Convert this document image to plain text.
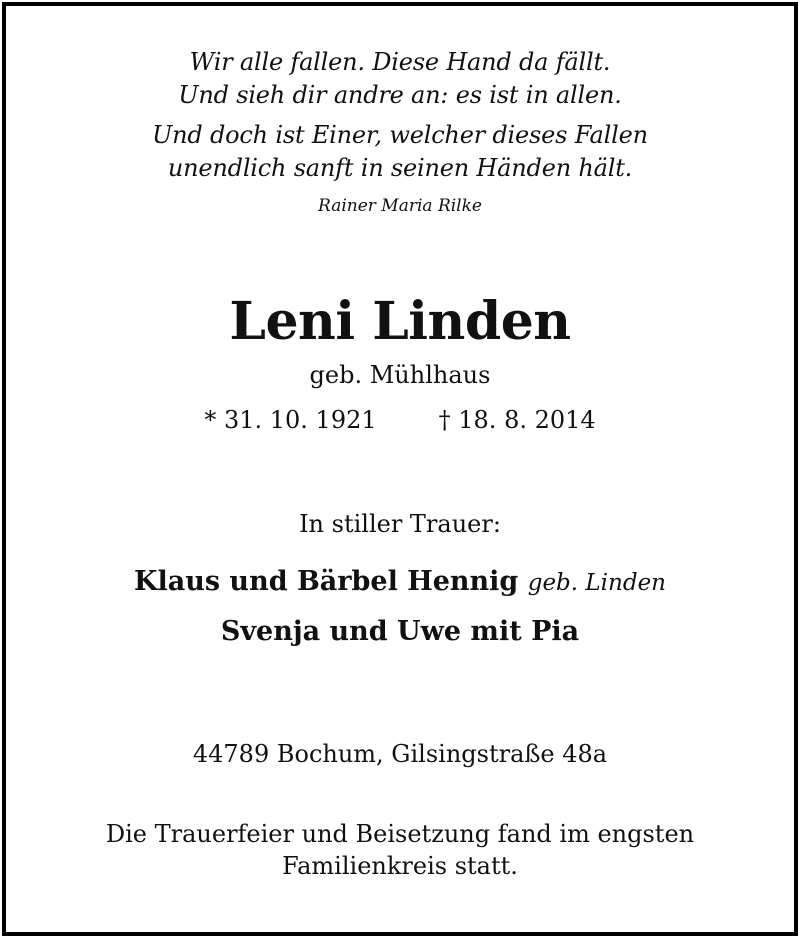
Wir alle fallen. Diese Hand da fällt.

Und sieh dir andre an: es ist in allen.

Und doch ist Einer, welcher dieses Fallen

unendlich sanft in seinen Händen hält.

Rainer Maria Rilke

Leni Linden

geb. Mühlhaus

* 31. 10. 1921	† 18. 8. 2014

In stiller Trauer:

Klaus und Bärbel Hennig geb. Linden

Svenja und Uwe mit Pia

44789 Bochum, Gilsingstraße 48a

Die Trauerfeier und Beisetzung fand im engsten

Familienkreis statt.
